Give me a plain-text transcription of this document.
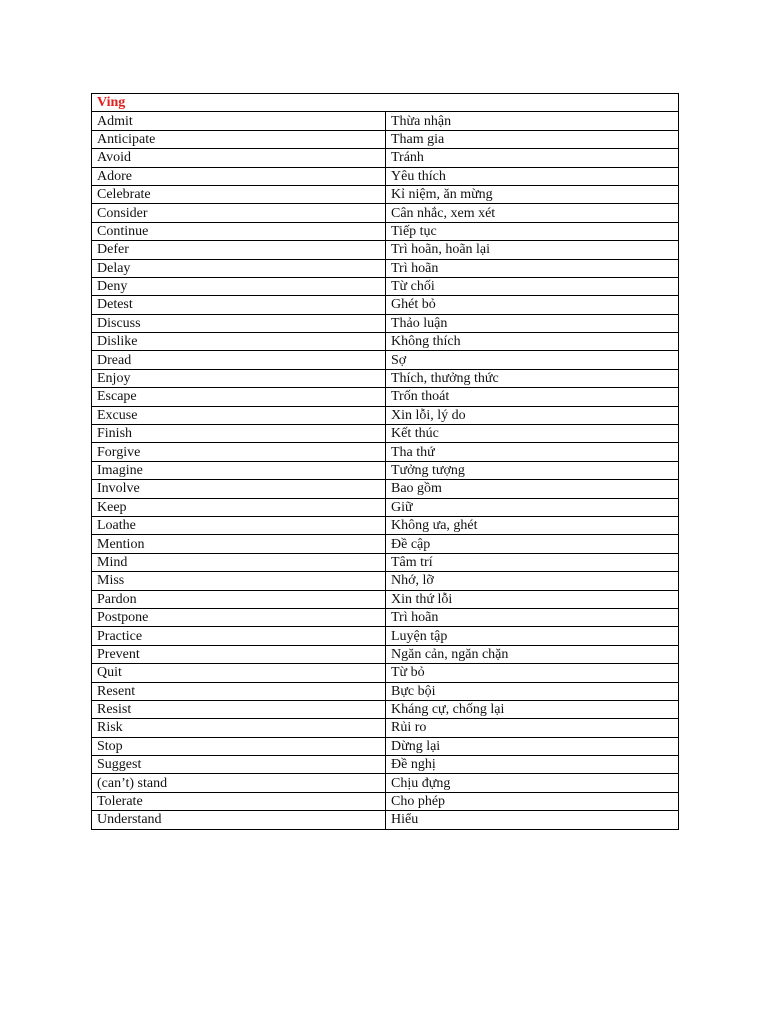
Ving	
Admit	Thừa nhận
Anticipate	Tham gia
Avoid	Tránh
Adore	Yêu thích
Celebrate	Kỉ niệm, ăn mừng
Consider	Cân nhắc, xem xét
Continue	Tiếp tục
Defer	Trì hoãn, hoãn lại
Delay	Trì hoãn
Deny	Từ chối
Detest	Ghét bỏ
Discuss	Thảo luận
Dislike	Không thích
Dread	Sợ
Enjoy	Thích, thưởng thức
Escape	Trốn thoát
Excuse	Xin lỗi, lý do
Finish	Kết thúc
Forgive	Tha thứ
Imagine	Tưởng tượng
Involve	Bao gồm
Keep	Giữ
Loathe	Không ưa, ghét
Mention	Đề cập
Mind	Tâm trí
Miss	Nhớ, lỡ
Pardon	Xin thứ lỗi
Postpone	Trì hoãn
Practice	Luyện tập
Prevent	Ngăn cản, ngăn chặn
Quit	Từ bỏ
Resent	Bực bội
Resist	Kháng cự, chống lại
Risk	Rủi ro
Stop	Dừng lại
Suggest	Đề nghị
(can’t) stand	Chịu đựng
Tolerate	Cho phép
Understand	Hiểu
